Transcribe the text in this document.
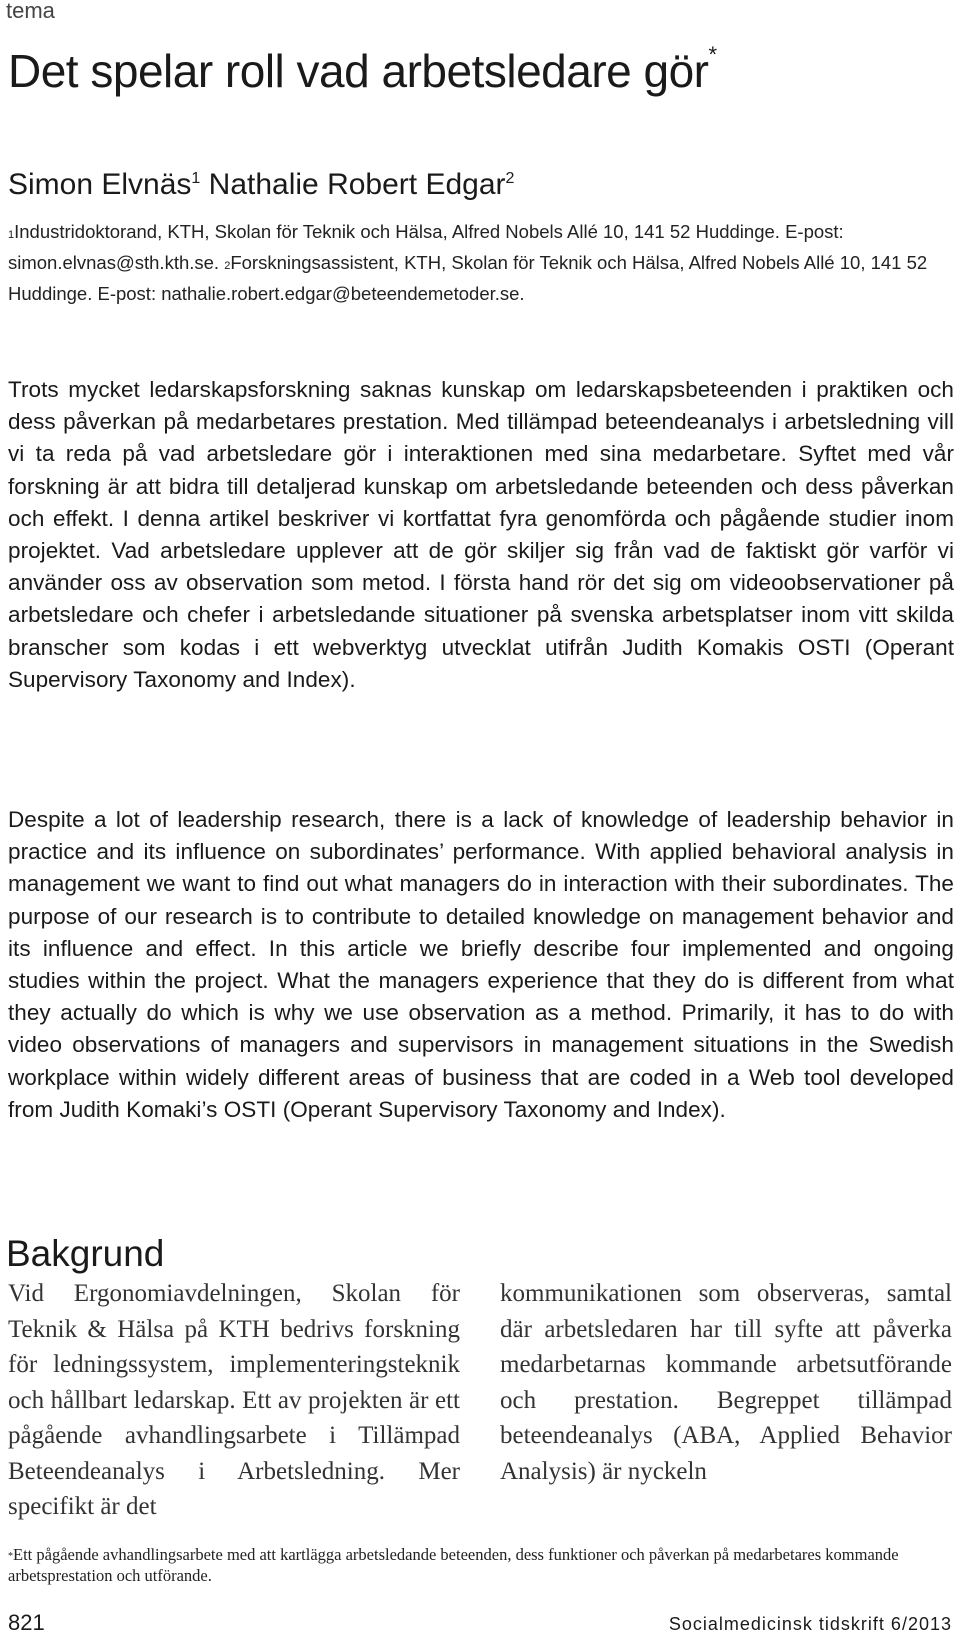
tema
Det spelar roll vad arbetsledare gör*
Simon Elvnäs$^1$ Nathalie Robert Edgar$^2$

$^1$Industridoktorand, KTH, Skolan för Teknik och Hälsa, Alfred Nobels Allé 10, 141 52 Huddinge. E-post: simon.elvnas@sth.kth.se. $^2$Forskningsassistent, KTH, Skolan för Teknik och Hälsa, Alfred Nobels Allé 10, 141 52 Huddinge. E-post: nathalie.robert.edgar@beteendemetoder.se.

Trots mycket ledarskapsforskning saknas kunskap om ledarskapsbeteenden i praktiken och dess påverkan på medarbetares prestation. Med tillämpad beteendeanalys i arbetsledning vill vi ta reda på vad arbetsledare gör i interaktionen med sina medarbetare. Syftet med vår forskning är att bidra till detaljerad kunskap om arbetsledande beteenden och dess påverkan och effekt. I denna artikel beskriver vi kortfattat fyra genomförda och pågående studier inom projektet. Vad arbetsledare upplever att de gör skiljer sig från vad de faktiskt gör varför vi använder oss av observation som metod. I första hand rör det sig om videoobservationer på arbetsledare och chefer i arbetsledande situationer på svenska arbetsplatser inom vitt skilda branscher som kodas i ett webverktyg utvecklat utifrån Judith Komakis OSTI (Operant Supervisory Taxonomy and Index).

Despite a lot of leadership research, there is a lack of knowledge of leadership behavior in practice and its influence on subordinates’ performance. With applied behavioral analysis in management we want to find out what managers do in interaction with their subordinates. The purpose of our research is to contribute to detailed knowledge on management behavior and its influence and effect. In this article we briefly describe four implemented and ongoing studies within the project. What the managers experience that they do is different from what they actually do which is why we use observation as a method. Primarily, it has to do with video observations of managers and supervisors in management situations in the Swedish workplace within widely different areas of business that are coded in a Web tool developed from Judith Komaki’s OSTI (Operant Supervisory Taxonomy and Index).

Bakgrund

Vid Ergonomiavdelningen, Skolan för Teknik & Hälsa på KTH bedrivs forskning för ledningssystem, implementeringsteknik och hållbart ledarskap. Ett av projekten är ett pågående avhandlingsarbete i Tillämpad Beteendeanalys i Arbetsledning. Mer specifikt är det

kommunikationen som observeras, samtal där arbetsledaren har till syfte att påverka medarbetarnas kommande arbetsutförande och prestation. Begreppet tillämpad beteendeanalys (ABA, Applied Behavior Analysis) är nyckeln

*Ett pågående avhandlingsarbete med att kartlägga arbetsledande beteenden, dess funktioner och påverkan på medarbetares kommande arbetsprestation och utförande.

821	Socialmedicinsk tidskrift 6/2013
